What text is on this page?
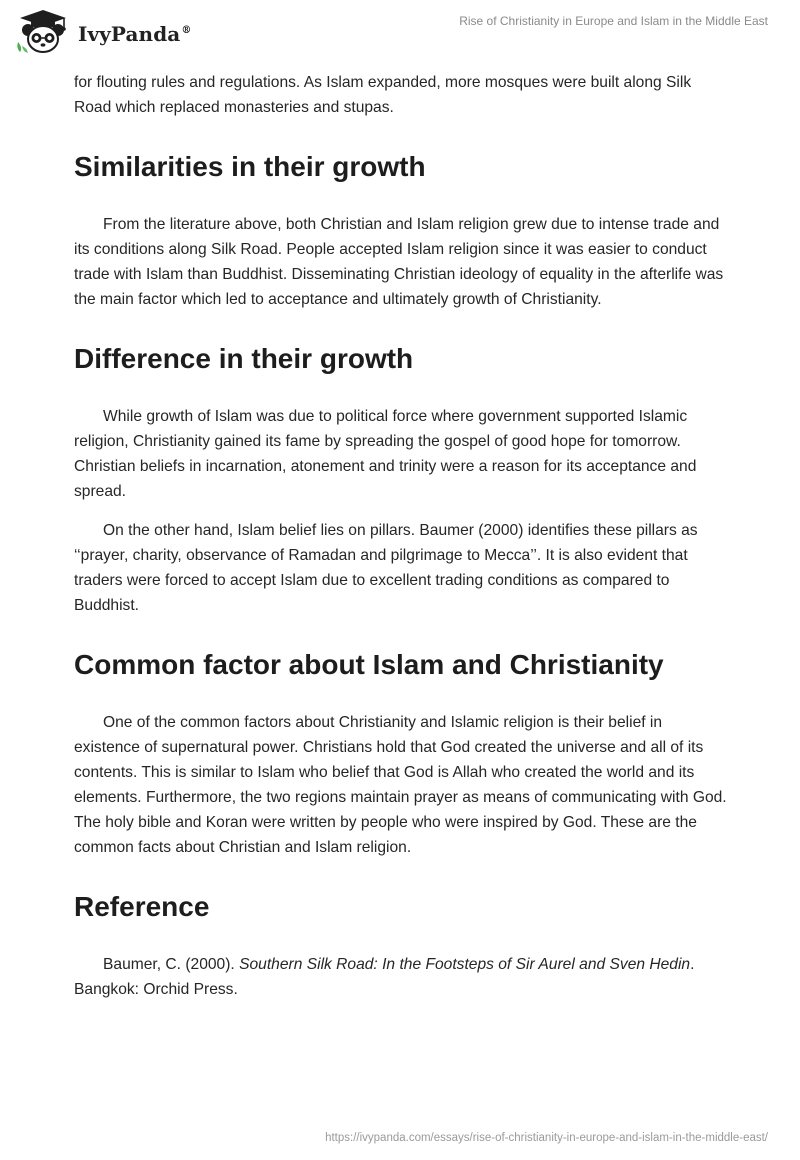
IvyPanda®
Rise of Christianity in Europe and Islam in the Middle East

for flouting rules and regulations. As Islam expanded, more mosques were built along Silk Road which replaced monasteries and stupas.

Similarities in their growth

From the literature above, both Christian and Islam religion grew due to intense trade and its conditions along Silk Road. People accepted Islam religion since it was easier to conduct trade with Islam than Buddhist. Disseminating Christian ideology of equality in the afterlife was the main factor which led to acceptance and ultimately growth of Christianity.

Difference in their growth

While growth of Islam was due to political force where government supported Islamic religion, Christianity gained its fame by spreading the gospel of good hope for tomorrow. Christian beliefs in incarnation, atonement and trinity were a reason for its acceptance and spread.

On the other hand, Islam belief lies on pillars. Baumer (2000) identifies these pillars as ‘‘prayer, charity, observance of Ramadan and pilgrimage to Mecca’’. It is also evident that traders were forced to accept Islam due to excellent trading conditions as compared to Buddhist.

Common factor about Islam and Christianity

One of the common factors about Christianity and Islamic religion is their belief in existence of supernatural power. Christians hold that God created the universe and all of its contents. This is similar to Islam who belief that God is Allah who created the world and its elements. Furthermore, the two regions maintain prayer as means of communicating with God. The holy bible and Koran were written by people who were inspired by God. These are the common facts about Christian and Islam religion.

Reference

Baumer, C. (2000). Southern Silk Road: In the Footsteps of Sir Aurel and Sven Hedin. Bangkok: Orchid Press.

https://ivypanda.com/essays/rise-of-christianity-in-europe-and-islam-in-the-middle-east/
